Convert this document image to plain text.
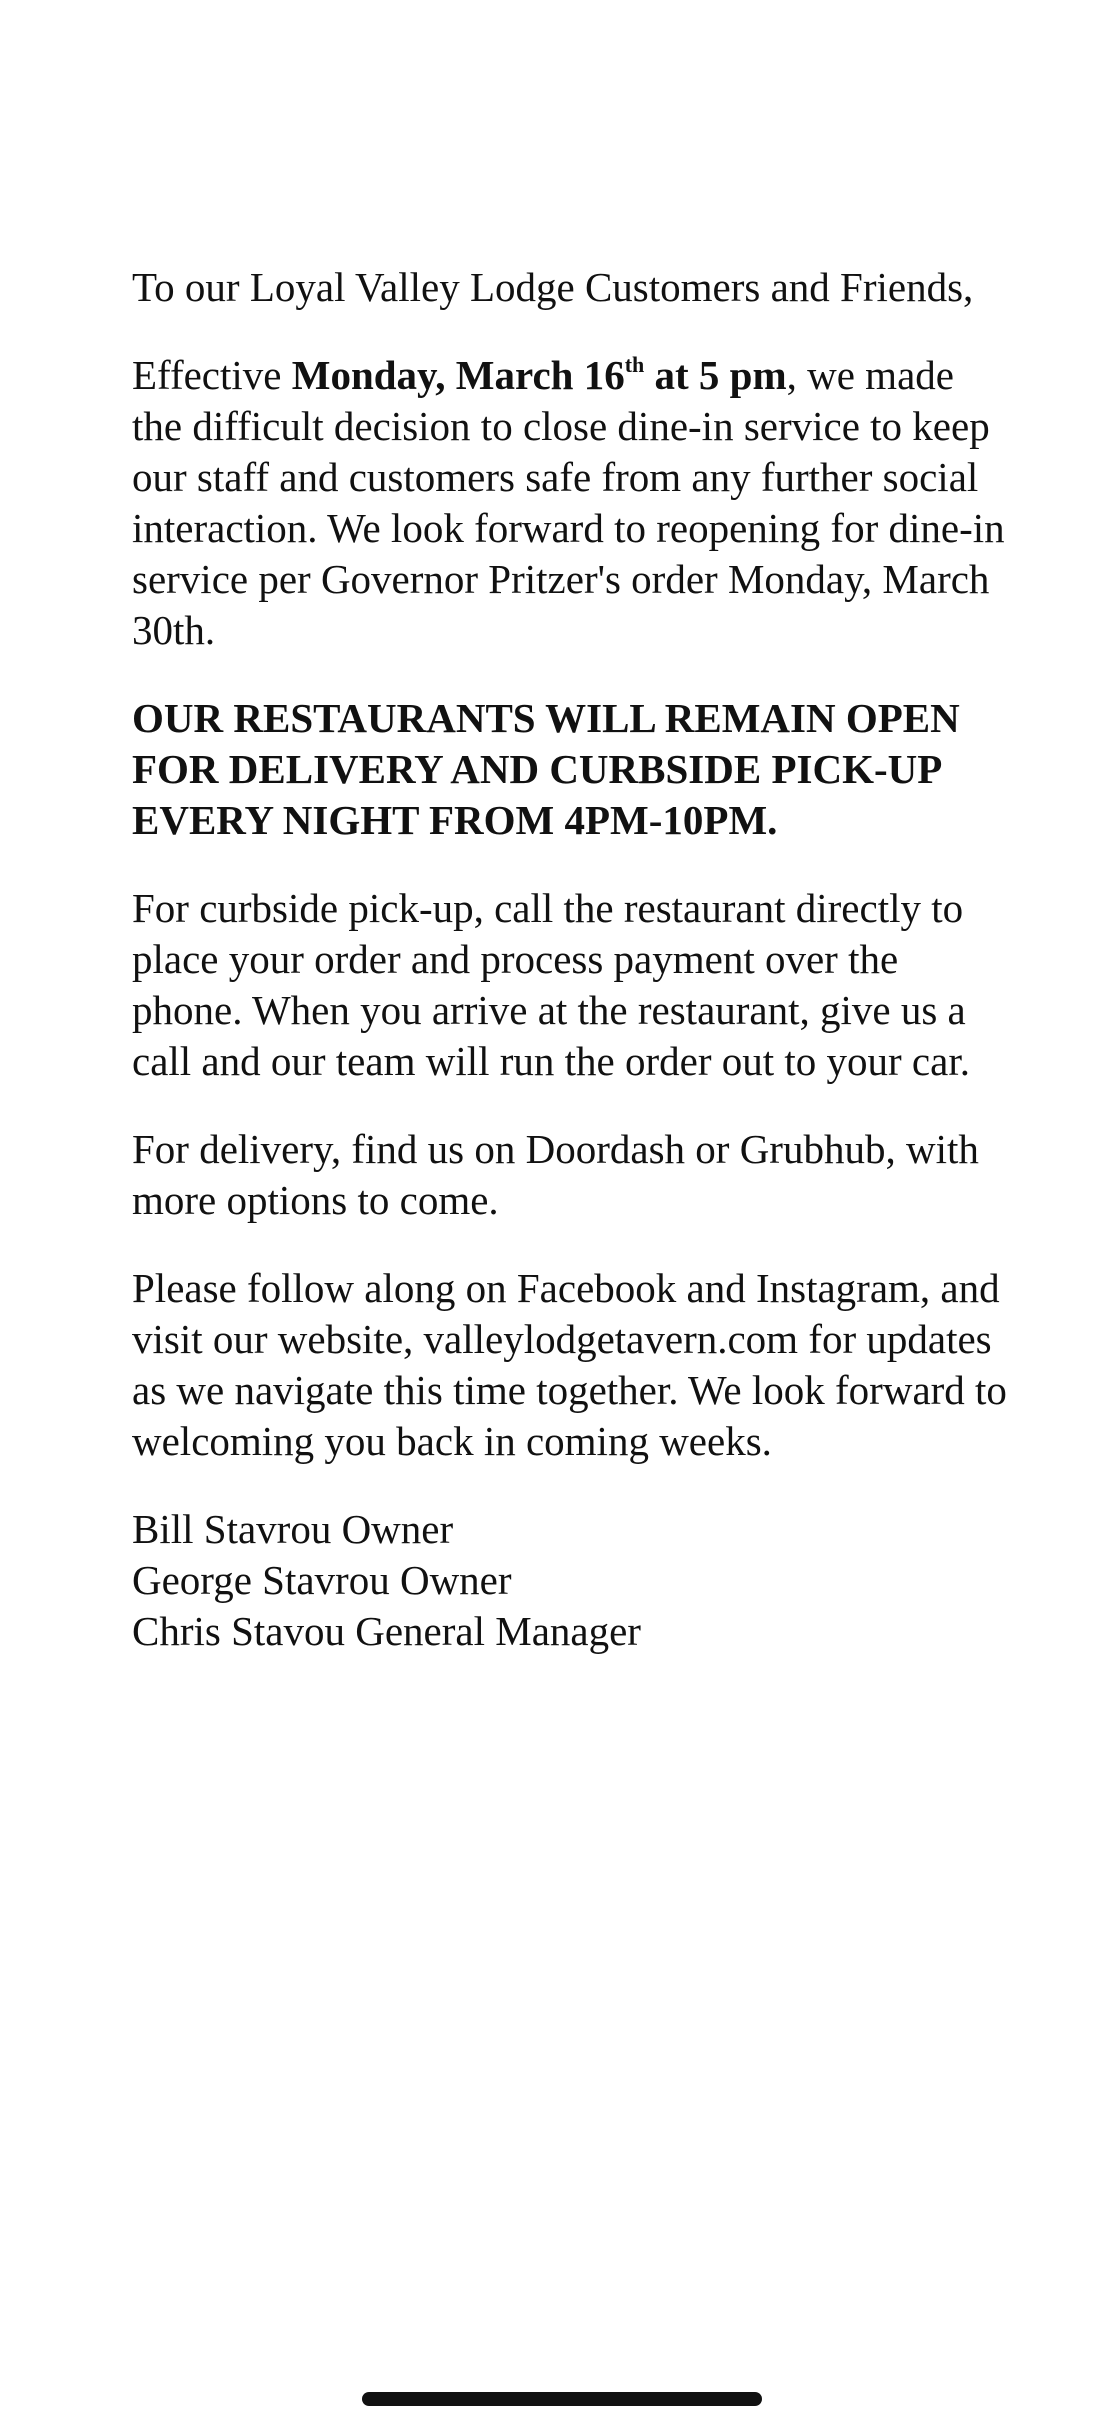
To our Loyal Valley Lodge Customers and Friends,

Effective Monday, March 16th at 5 pm, we made the difficult decision to close dine-in service to keep our staff and customers safe from any further social interaction. We look forward to reopening for dine-in service per Governor Pritzer's order Monday, March 30th.

OUR RESTAURANTS WILL REMAIN OPEN FOR DELIVERY AND CURBSIDE PICK-UP EVERY NIGHT FROM 4PM-10PM.

For curbside pick-up, call the restaurant directly to place your order and process payment over the phone. When you arrive at the restaurant, give us a call and our team will run the order out to your car.

For delivery, find us on Doordash or Grubhub, with more options to come.

Please follow along on Facebook and Instagram, and visit our website, valleylodgetavern.com for updates as we navigate this time together. We look forward to welcoming you back in coming weeks.

Bill Stavrou Owner
George Stavrou Owner
Chris Stavou General Manager
